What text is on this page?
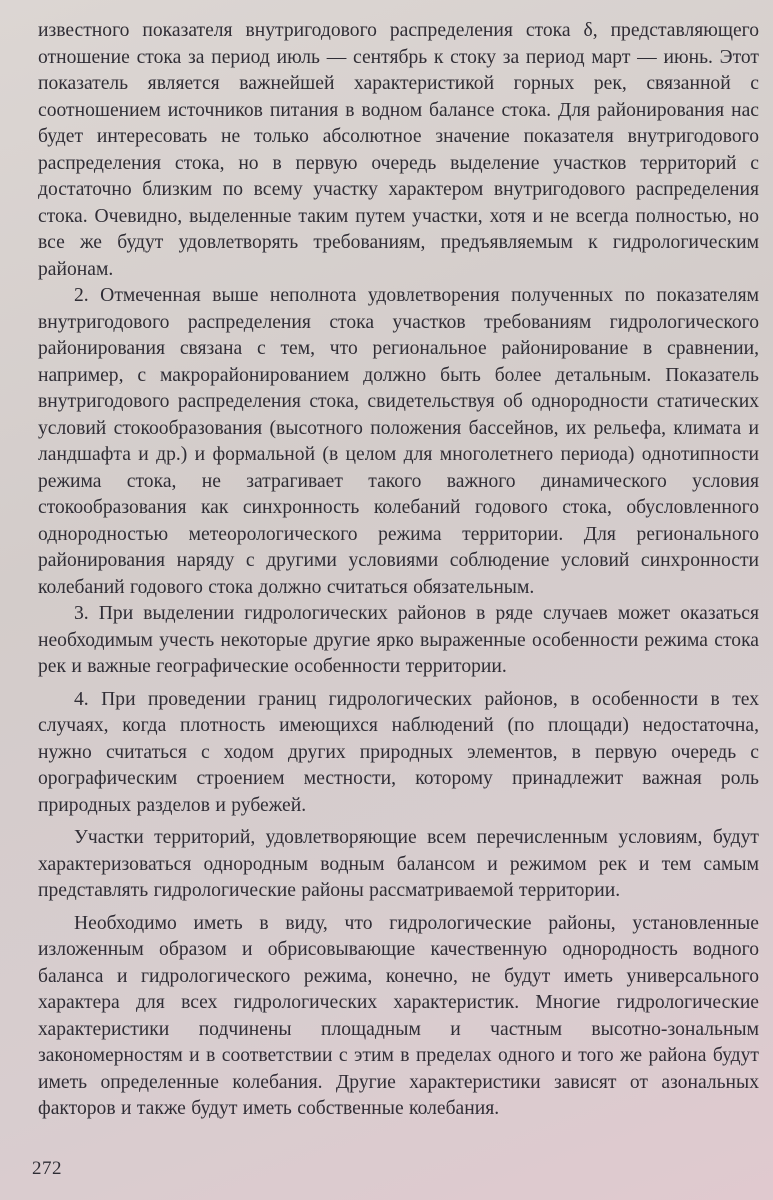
известного показателя внутригодового распределения стока δ, представляющего отношение стока за период июль — сентябрь к стоку за период март — июнь. Этот показатель является важнейшей характеристикой горных рек, связанной с соотношением источников питания в водном балансе стока. Для районирования нас будет интересовать не только абсолютное значение показателя внутригодового распределения стока, но в первую очередь выделение участков территорий с достаточно близким по всему участку характером внутригодового распределения стока. Очевидно, выделенные таким путем участки, хотя и не всегда полностью, но все же будут удовлетворять требованиям, предъявляемым к гидрологическим районам.

2. Отмеченная выше неполнота удовлетворения полученных по показателям внутригодового распределения стока участков требованиям гидрологического районирования связана с тем, что региональное районирование в сравнении, например, с макрорайонированием должно быть более детальным. Показатель внутригодового распределения стока, свидетельствуя об однородности статических условий стокообразования (высотного положения бассейнов, их рельефа, климата и ландшафта и др.) и формальной (в целом для многолетнего периода) однотипности режима стока, не затрагивает такого важного динамического условия стокообразования как синхронность колебаний годового стока, обусловленного однородностью метеорологического режима территории. Для регионального районирования наряду с другими условиями соблюдение условий синхронности колебаний годового стока должно считаться обязательным.

3. При выделении гидрологических районов в ряде случаев может оказаться необходимым учесть некоторые другие ярко выраженные особенности режима стока рек и важные географические особенности территории.

4. При проведении границ гидрологических районов, в особенности в тех случаях, когда плотность имеющихся наблюдений (по площади) недостаточна, нужно считаться с ходом других природных элементов, в первую очередь с орографическим строением местности, которому принадлежит важная роль природных разделов и рубежей.

Участки территорий, удовлетворяющие всем перечисленным условиям, будут характеризоваться однородным водным балансом и режимом рек и тем самым представлять гидрологические районы рассматриваемой территории.

Необходимо иметь в виду, что гидрологические районы, установленные изложенным образом и обрисовывающие качественную однородность водного баланса и гидрологического режима, конечно, не будут иметь универсального характера для всех гидрологических характеристик. Многие гидрологические характеристики подчинены площадным и частным высотно-зональным закономерностям и в соответствии с этим в пределах одного и того же района будут иметь определенные колебания. Другие характеристики зависят от азональных факторов и также будут иметь собственные колебания.

272
